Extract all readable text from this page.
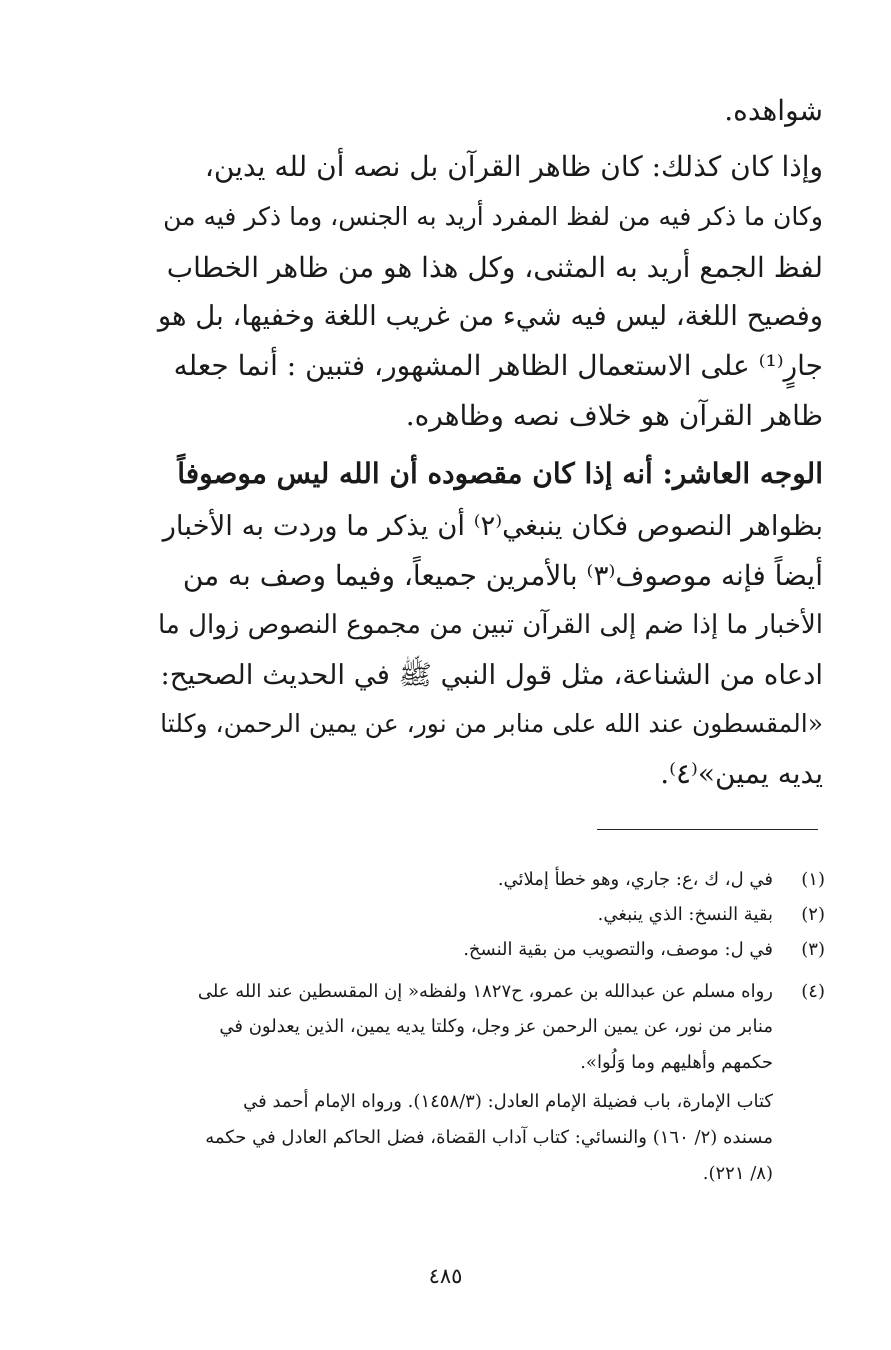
شواهده.
وإذا كان كذلك: كان ظاهر القرآن بل نصه أن لله يدين،
وكان ما ذكر فيه من لفظ المفرد أريد به الجنس، وما ذكر فيه من
لفظ الجمع أريد به المثنى، وكل هذا هو من ظاهر الخطاب
وفصيح اللغة، ليس فيه شيء من غريب اللغة وخفيها، بل هو
جارٍ⁽¹⁾ على الاستعمال الظاهر المشهور، فتبين : أنما جعله
ظاهر القرآن هو خلاف نصه وظاهره.
الوجه العاشر: أنه إذا كان مقصوده أن الله ليس موصوفاً
بظواهر النصوص فكان ينبغي⁽٢⁾ أن يذكر ما وردت به الأخبار
أيضاً فإنه موصوف⁽٣⁾ بالأمرين جميعاً، وفيما وصف به من
الأخبار ما إذا ضم إلى القرآن تبين من مجموع النصوص زوال ما
ادعاه من الشناعة، مثل قول النبي ﷺ في الحديث الصحيح:
«المقسطون عند الله على منابر من نور، عن يمين الرحمن، وكلتا
يديه يمين»⁽٤⁾.
(١)
في ل، ك ،ع: جاري، وهو خطأ إملائي.
(٢)
بقية النسخ: الذي ينبغي.
(٣)
في ل: موصف، والتصويب من بقية النسخ.
(٤)
رواه مسلم عن عبدالله بن عمرو، ح١٨٢٧ ولفظه« إن المقسطين عند الله على
منابر من نور، عن يمين الرحمن عز وجل، وكلتا يديه يمين، الذين يعدلون في
حكمهم وأهليهم وما وَلُوا».
كتاب الإمارة، باب فضيلة الإمام العادل: (١٤٥٨/٣). ورواه الإمام أحمد في
مسنده (٢/ ١٦٠) والنسائي: كتاب آداب القضاة، فضل الحاكم العادل في حكمه
(٨/ ٢٢١).
٤٨٥
